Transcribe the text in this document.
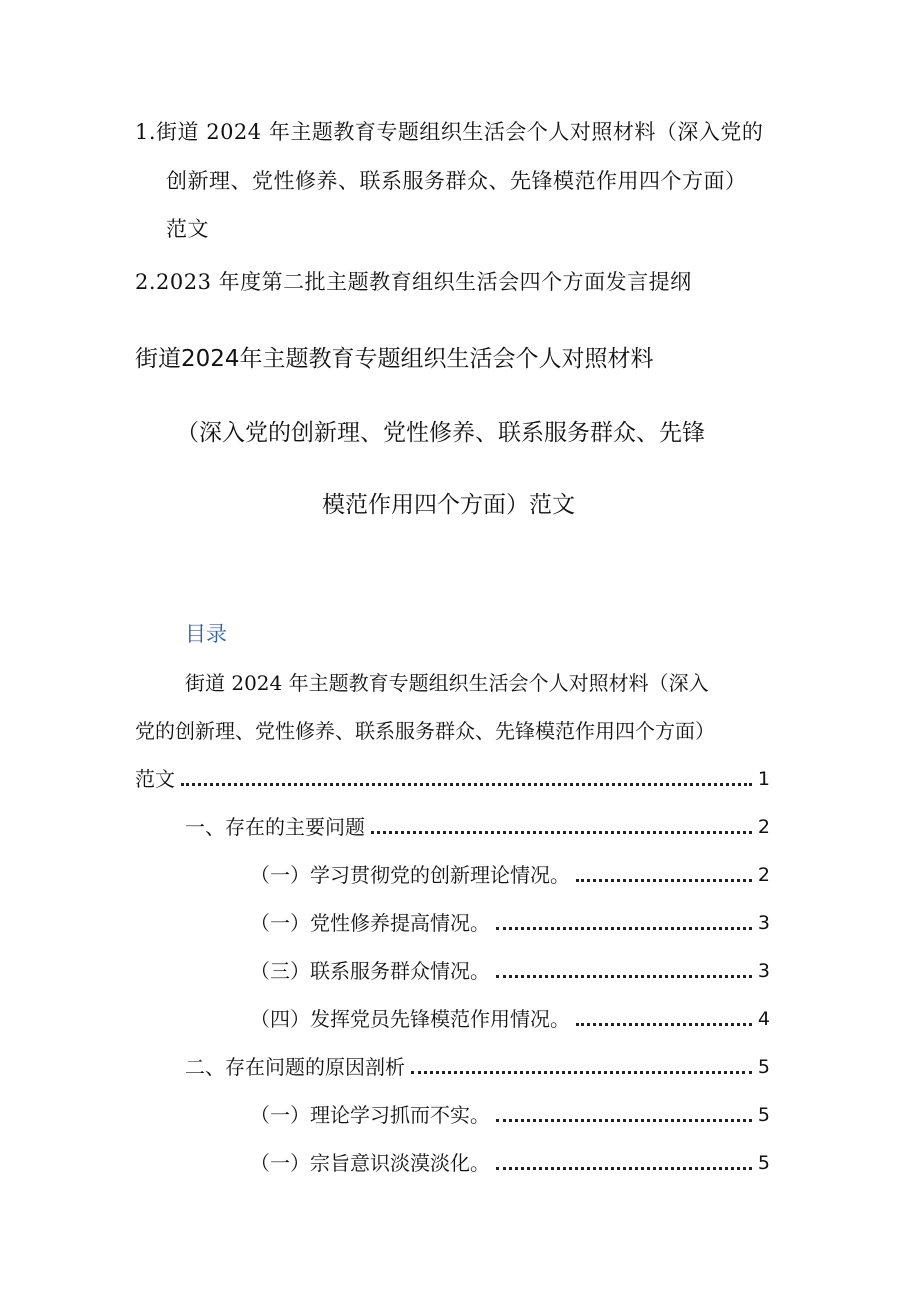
1.街道 2024 年主题教育专题组织生活会个人对照材料（深入党的
创新理、党性修养、联系服务群众、先锋模范作用四个方面）
范文
2.2023 年度第二批主题教育组织生活会四个方面发言提纲
街道2024年主题教育专题组织生活会个人对照材料
（深入党的创新理、党性修养、联系服务群众、先锋
模范作用四个方面）范文
目录
街道 2024 年主题教育专题组织生活会个人对照材料（深入
党的创新理、党性修养、联系服务群众、先锋模范作用四个方面）
范文	1
一、存在的主要问题	2
（一）学习贯彻党的创新理论情况。	2
（一）党性修养提高情况。	3
（三）联系服务群众情况。	3
（四）发挥党员先锋模范作用情况。	4
二、存在问题的原因剖析	5
（一）理论学习抓而不实。	5
（一）宗旨意识淡漠淡化。	5
